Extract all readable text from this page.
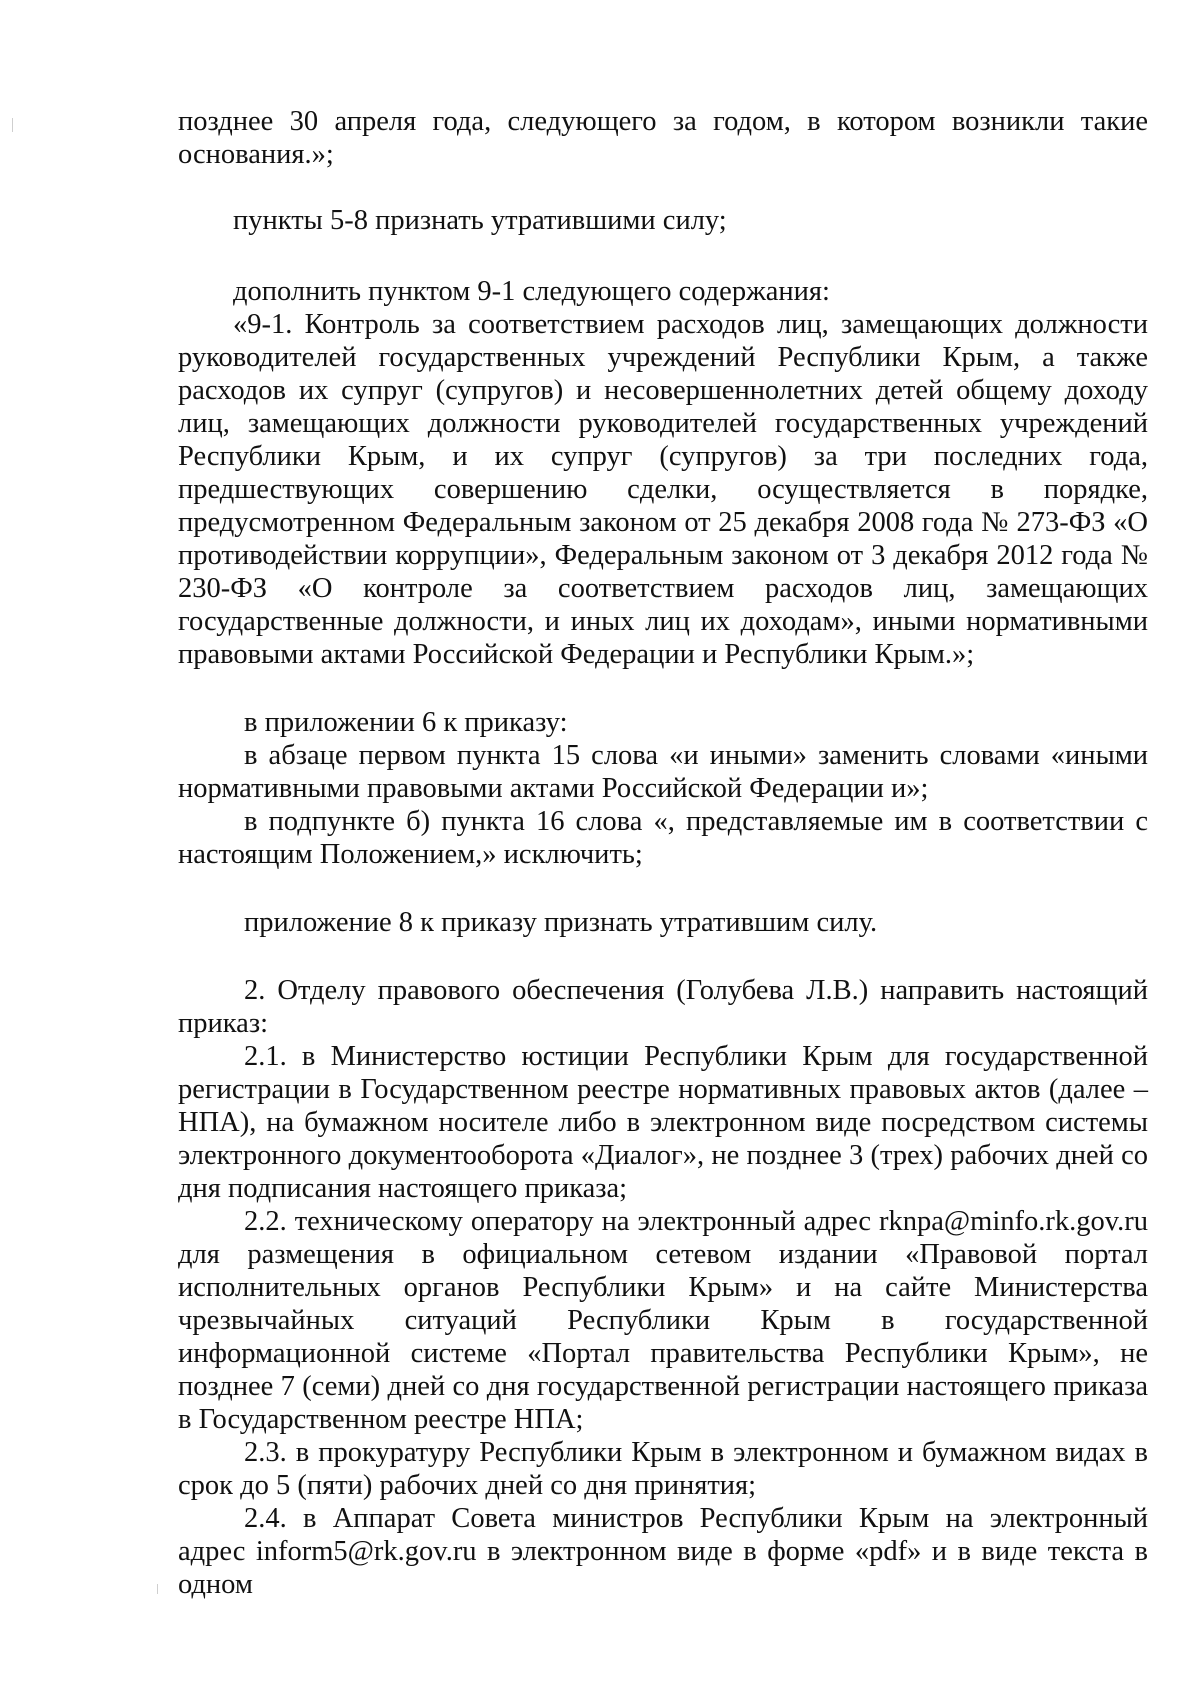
позднее 30 апреля года, следующего за годом, в котором возникли такие основания.»;

пункты 5-8 признать утратившими силу;

дополнить пунктом 9-1 следующего содержания:

«9-1. Контроль за соответствием расходов лиц, замещающих должности руководителей государственных учреждений Республики Крым, а также расходов их супруг (супругов) и несовершеннолетних детей общему доходу лиц, замещающих должности руководителей государственных учреждений Республики Крым, и их супруг (супругов) за три последних года, предшествующих совершению сделки, осуществляется в порядке, предусмотренном Федеральным законом от 25 декабря 2008 года № 273-ФЗ «О противодействии коррупции», Федеральным законом от 3 декабря 2012 года № 230-ФЗ «О контроле за соответствием расходов лиц, замещающих государственные должности, и иных лиц их доходам», иными нормативными правовыми актами Российской Федерации и Республики Крым.»;

в приложении 6 к приказу:

в абзаце первом пункта 15 слова «и иными» заменить словами «иными нормативными правовыми актами Российской Федерации и»;

в подпункте б) пункта 16 слова «, представляемые им в соответствии с настоящим Положением,» исключить;

приложение 8 к приказу признать утратившим силу.

2. Отделу правового обеспечения (Голубева Л.В.) направить настоящий приказ:

2.1. в Министерство юстиции Республики Крым для государственной регистрации в Государственном реестре нормативных правовых актов (далее – НПА), на бумажном носителе либо в электронном виде посредством системы электронного документооборота «Диалог», не позднее 3 (трех) рабочих дней со дня подписания настоящего приказа;

2.2. техническому оператору на электронный адрес rknpa@minfo.rk.gov.ru для размещения в официальном сетевом издании «Правовой портал исполнительных органов Республики Крым» и на сайте Министерства чрезвычайных ситуаций Республики Крым в государственной информационной системе «Портал правительства Республики Крым», не позднее 7 (семи) дней со дня государственной регистрации настоящего приказа в Государственном реестре НПА;

2.3. в прокуратуру Республики Крым в электронном и бумажном видах в срок до 5 (пяти) рабочих дней со дня принятия;

2.4. в Аппарат Совета министров Республики Крым на электронный адрес inform5@rk.gov.ru в электронном виде в форме «pdf» и в виде текста в одном
